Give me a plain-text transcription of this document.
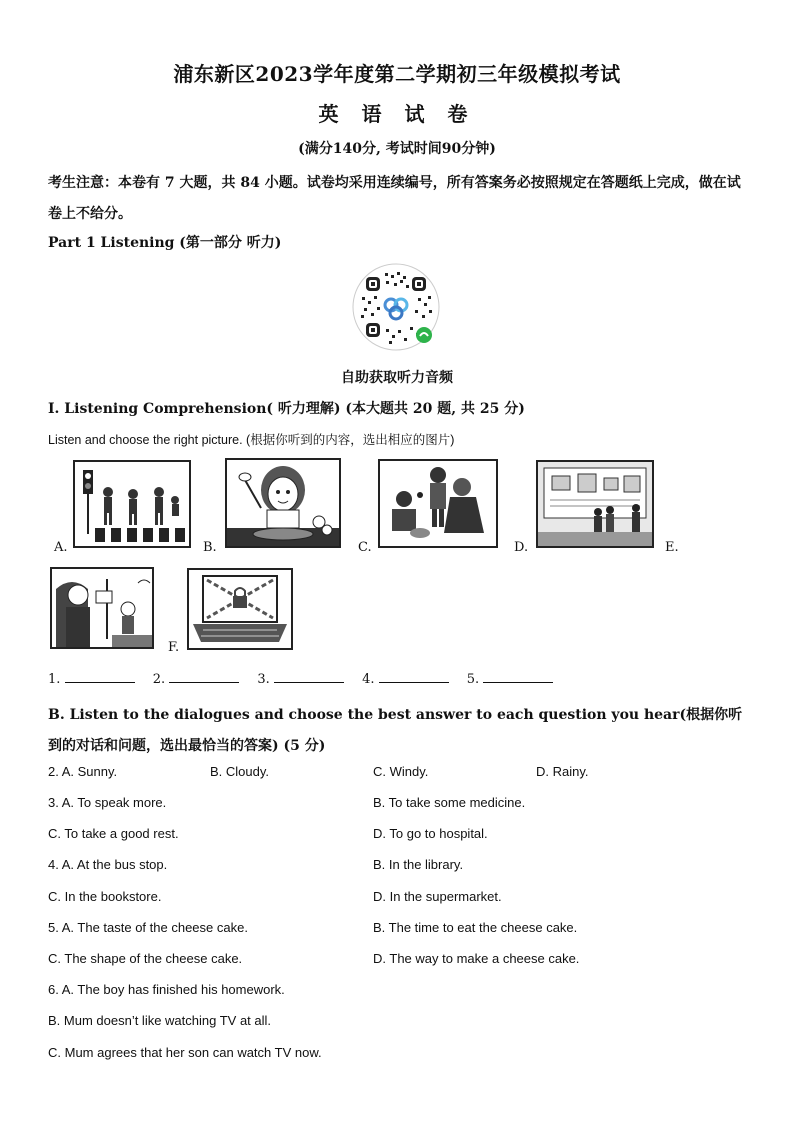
浦东新区2023学年度第二学期初三年级模拟考试
英 语 试 卷
(满分140分, 考试时间90分钟)
考生注意：本卷有 7 大题，共 84 小题。试卷均采用连续编号，所有答案务必按照规定在答题纸上完成，做在试卷上不给分。
Part 1 Listening (第一部分 听力)
自助获取听力音频
I. Listening Comprehension( 听力理解) (本大题共 20 题, 共 25 分)
Listen and choose the right picture. (根据你听到的内容，选出相应的图片)
A.	B.	C.	D.	E.
F.
1.	2.	3.	4.	5.
B. Listen to the dialogues and choose the best answer to each question you hear(根据你听到的对话和问题，选出最恰当的答案) (5 分)
2. A. Sunny.	B. Cloudy.	C. Windy.	D. Rainy.
3. A. To speak more.	B. To take some medicine.
C. To take a good rest.	D. To go to hospital.
4. A. At the bus stop.	B. In the library.
C. In the bookstore.	D. In the supermarket.
5. A. The taste of the cheese cake.	B. The time to eat the cheese cake.
C. The shape of the cheese cake.	D. The way to make a cheese cake.
6. A. The boy has finished his homework.
B. Mum doesn’t like watching TV at all.
C. Mum agrees that her son can watch TV now.
